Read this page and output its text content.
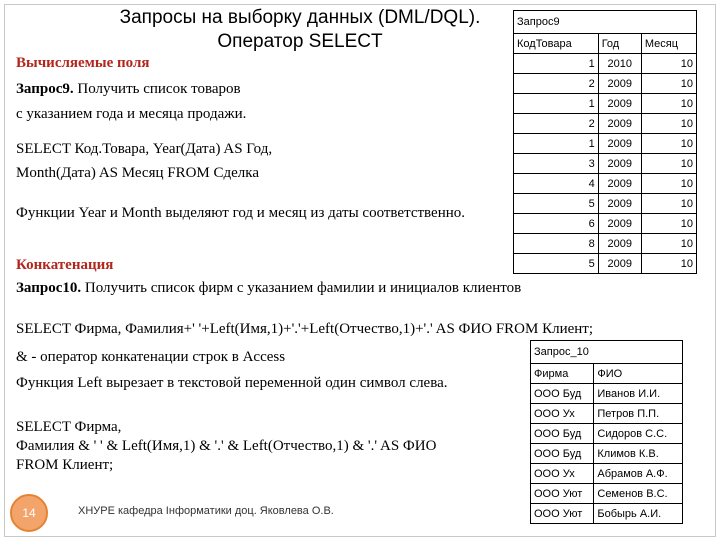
Запросы на выборку данных (DML/DQL).
Оператор SELECT
Вычисляемые поля
Запрос9. Получить список товаров
с указанием года и месяца продажи.
SELECT Код.Товара, Year(Дата) AS Год,
Month(Дата) AS Месяц FROM Сделка
Функции Year и Month выделяют год и месяц из даты соответственно.
Конкатенация
Запрос10. Получить список фирм с указанием фамилии и инициалов клиентов
SELECT Фирма, Фамилия+' '+Left(Имя,1)+'.'+Left(Отчество,1)+'.' AS ФИО FROM Клиент;
& - оператор конкатенации строк в Access
Функция Left вырезает в текстовой переменной один символ слева.
SELECT Фирма,
Фамилия & ' ' & Left(Имя,1) & '.' & Left(Отчество,1) & '.' AS ФИО
FROM Клиент;
Запрос9		
КодТовара	Год	Месяц
1	2010	10
2	2009	10
1	2009	10
2	2009	10
1	2009	10
3	2009	10
4	2009	10
5	2009	10
6	2009	10
8	2009	10
5	2009	10
Запрос_10	
Фирма	ФИО
ООО Буд	Иванов И.И.
ООО Ух	Петров П.П.
ООО Буд	Сидоров С.С.
ООО Буд	Климов К.В.
ООО Ух	Абрамов А.Ф.
ООО Уют	Семенов В.С.
ООО Уют	Бобырь А.И.
14	ХНУРЕ кафедра Інформатики доц. Яковлева О.В.
